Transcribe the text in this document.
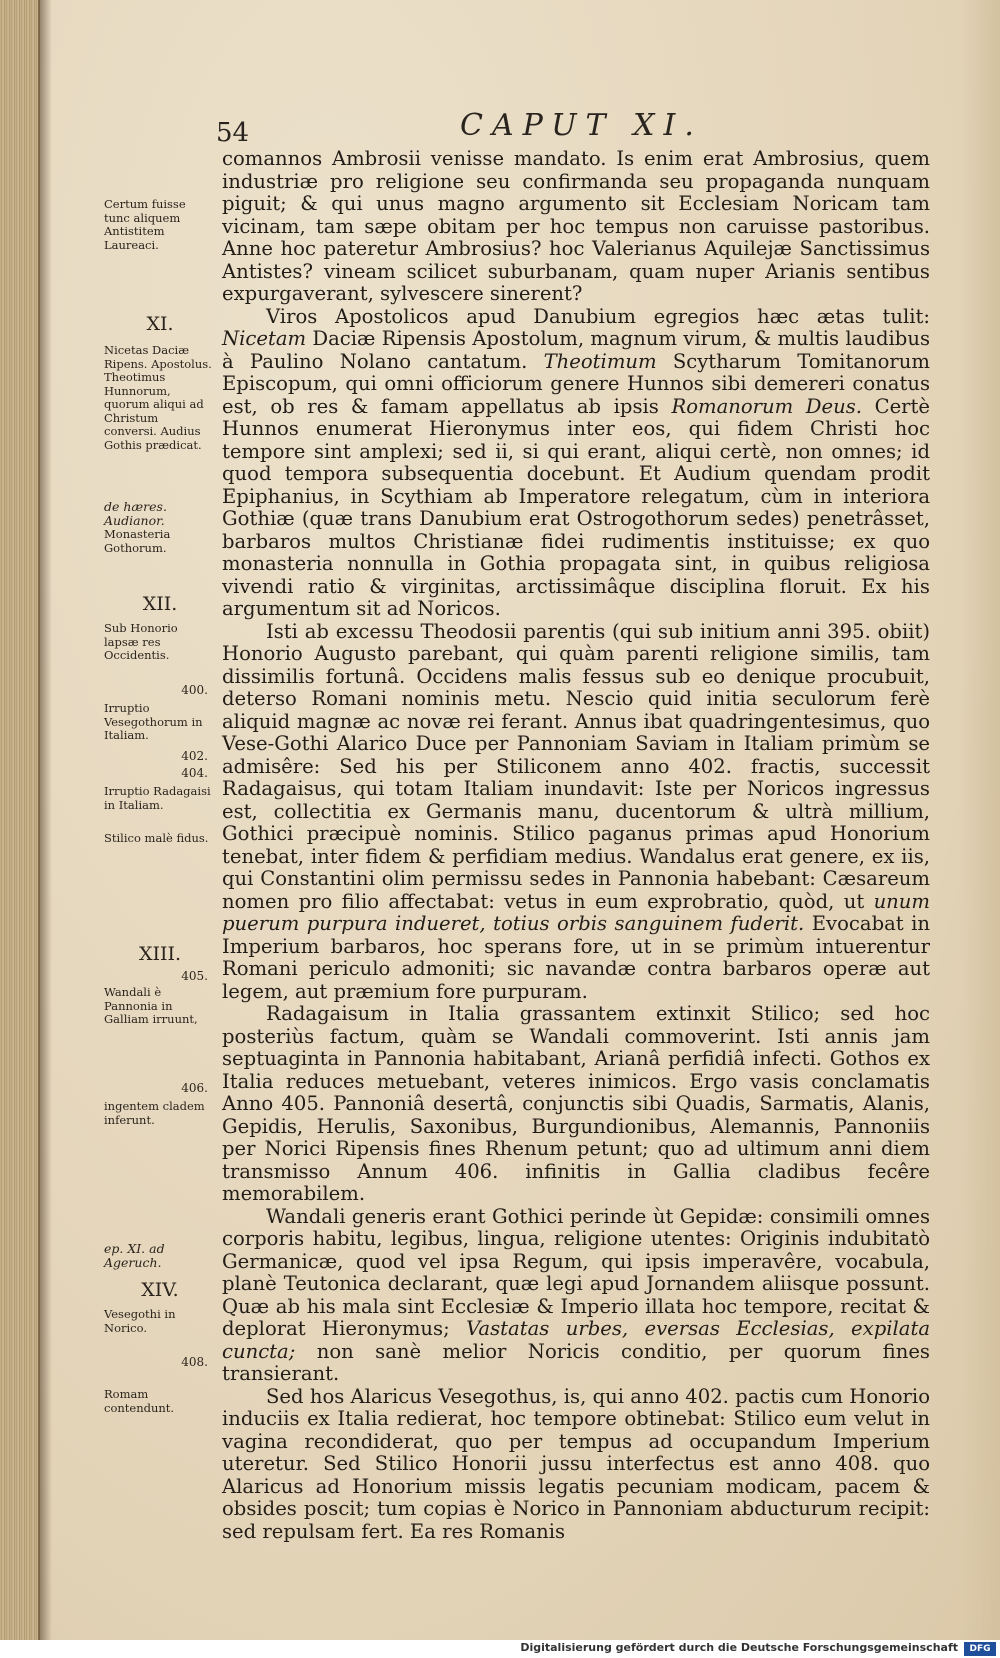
54	CAPUT XI.

comannos Ambrosii venisse mandato. Is enim erat Ambrosius, quem industriæ pro religione seu confirmanda seu propaganda nunquam piguit; & qui unus magno argumento sit Ecclesiam Noricam tam vicinam, tam sæpe obitam per hoc tempus non caruisse pastoribus. Anne hoc pateretur Ambrosius? hoc Valerianus Aquilejæ Sanctissimus Antistes? vineam scilicet suburbanam, quam nuper Arianis sentibus expurgaverant, sylvescere sinerent?

Viros Apostolicos apud Danubium egregios hæc ætas tulit: Nicetam Daciæ Ripensis Apostolum, magnum virum, & multis laudibus à Paulino Nolano cantatum. Theotimum Scytharum Tomitanorum Episcopum, qui omni officiorum genere Hunnos sibi demereri conatus est, ob res & famam appellatus ab ipsis Romanorum Deus. Certè Hunnos enumerat Hieronymus inter eos, qui fidem Christi hoc tempore sint amplexi; sed ii, si qui erant, aliqui certè, non omnes; id quod tempora subsequentia docebunt. Et Audium quendam prodit Epiphanius, in Scythiam ab Imperatore relegatum, cùm in interiora Gothiæ (quæ trans Danubium erat Ostrogothorum sedes) penetrâsset, barbaros multos Christianæ fidei rudimentis instituisse; ex quo monasteria nonnulla in Gothia propagata sint, in quibus religiosa vivendi ratio & virginitas, arctissimâque disciplina floruit. Ex his argumentum sit ad Noricos.

Isti ab excessu Theodosii parentis (qui sub initium anni 395. obiit) Honorio Augusto parebant, qui quàm parenti religione similis, tam dissimilis fortunâ. Occidens malis fessus sub eo denique procubuit, deterso Romani nominis metu. Nescio quid initia seculorum ferè aliquid magnæ ac novæ rei ferant. Annus ibat quadringentesimus, quo Vese-Gothi Alarico Duce per Pannoniam Saviam in Italiam primùm se admisêre: Sed his per Stiliconem anno 402. fractis, successit Radagaisus, qui totam Italiam inundavit: Iste per Noricos ingressus est, collectitia ex Germanis manu, ducentorum & ultrà millium, Gothici præcipuè nominis. Stilico paganus primas apud Honorium tenebat, inter fidem & perfidiam medius. Wandalus erat genere, ex iis, qui Constantini olim permissu sedes in Pannonia habebant: Cæsareum nomen pro filio affectabat: vetus in eum exprobratio, quòd, ut unum puerum purpura indueret, totius orbis sanguinem fuderit. Evocabat in Imperium barbaros, hoc sperans fore, ut in se primùm intuerentur Romani periculo admoniti; sic navandæ contra barbaros operæ aut legem, aut præmium fore purpuram.

Radagaisum in Italia grassantem extinxit Stilico; sed hoc posteriùs factum, quàm se Wandali commoverint. Isti annis jam septuaginta in Pannonia habitabant, Arianâ perfidiâ infecti. Gothos ex Italia reduces metuebant, veteres inimicos. Ergo vasis conclamatis Anno 405. Pannoniâ desertâ, conjunctis sibi Quadis, Sarmatis, Alanis, Gepidis, Herulis, Saxonibus, Burgundionibus, Alemannis, Pannoniis per Norici Ripensis fines Rhenum petunt; quo ad ultimum anni diem transmisso Annum 406. infinitis in Gallia cladibus fecêre memorabilem.

Wandali generis erant Gothici perinde ùt Gepidæ: consimili omnes corporis habitu, legibus, lingua, religione utentes: Originis indubitatò Germanicæ, quod vel ipsa Regum, qui ipsis imperavêre, vocabula, planè Teutonica declarant, quæ legi apud Jornandem aliisque possunt. Quæ ab his mala sint Ecclesiæ & Imperio illata hoc tempore, recitat & deplorat Hieronymus; Vastatas urbes, eversas Ecclesias, expilata cuncta; non sanè melior Noricis conditio, per quorum fines transierant.

Sed hos Alaricus Vesegothus, is, qui anno 402. pactis cum Honorio induciis ex Italia redierat, hoc tempore obtinebat: Stilico eum velut in vagina recondiderat, quo per tempus ad occupandum Imperium uteretur. Sed Stilico Honorii jussu interfectus est anno 408. quo Alaricus ad Honorium missis legatis pecuniam modicam, pacem & obsides poscit; tum copias è Norico in Pannoniam abducturum recipit: sed repulsam fert. Ea res Romanis

Certum fuisse tunc aliquem Antistitem Laureaci.
XI.
Nicetas Daciæ Ripens. Apostolus. Theotimus Hunnorum, quorum aliqui ad Christum conversi. Audius Gothis prædicat.
de hæres. Audianor.
Monasteria Gothorum.
XII.
Sub Honorio lapsæ res Occidentis.
400.
Irruptio Vesegothorum in Italiam.
402.
404.
Irruptio Radagaisi in Italiam.
Stilico malè fidus.
XIII.
405.
Wandali è Pannonia in Galliam irruunt,
406.
ingentem cladem inferunt.
ep. XI. ad Ageruch.
XIV.
Vesegothi in Norico.
408.
Romam contendunt.
Digitalisierung gefördert durch die Deutsche Forschungsgemeinschaft	DFG
